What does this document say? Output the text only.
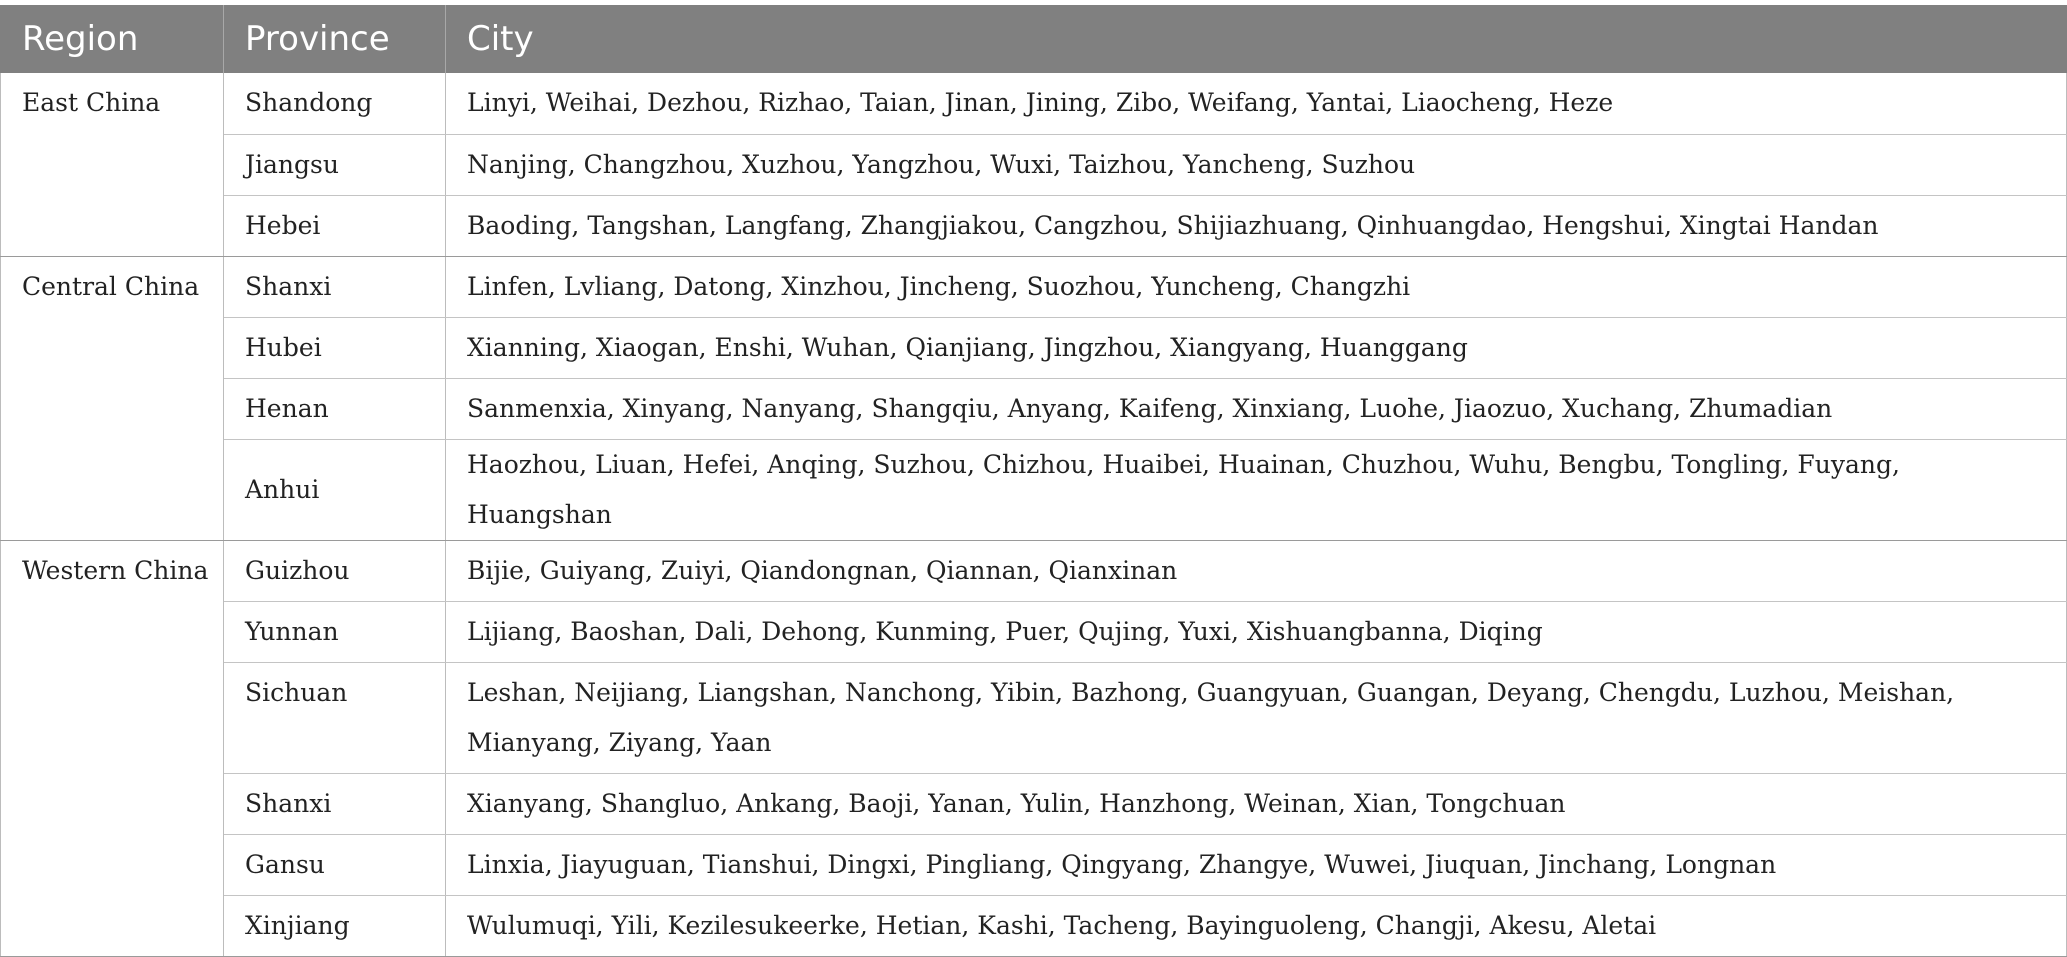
Region	Province	City
East China	Shandong	Linyi, Weihai, Dezhou, Rizhao, Taian, Jinan, Jining, Zibo, Weifang, Yantai, Liaocheng, Heze
	Jiangsu	Nanjing, Changzhou, Xuzhou, Yangzhou, Wuxi, Taizhou, Yancheng, Suzhou
	Hebei	Baoding, Tangshan, Langfang, Zhangjiakou, Cangzhou, Shijiazhuang, Qinhuangdao, Hengshui, Xingtai Handan
Central China	Shanxi	Linfen, Lvliang, Datong, Xinzhou, Jincheng, Suozhou, Yuncheng, Changzhi
	Hubei	Xianning, Xiaogan, Enshi, Wuhan, Qianjiang, Jingzhou, Xiangyang, Huanggang
	Henan	Sanmenxia, Xinyang, Nanyang, Shangqiu, Anyang, Kaifeng, Xinxiang, Luohe, Jiaozuo, Xuchang, Zhumadian
	Anhui	Haozhou, Liuan, Hefei, Anqing, Suzhou, Chizhou, Huaibei, Huainan, Chuzhou, Wuhu, Bengbu, Tongling, Fuyang, Huangshan
Western China	Guizhou	Bijie, Guiyang, Zuiyi, Qiandongnan, Qiannan, Qianxinan
	Yunnan	Lijiang, Baoshan, Dali, Dehong, Kunming, Puer, Qujing, Yuxi, Xishuangbanna, Diqing
	Sichuan	Leshan, Neijiang, Liangshan, Nanchong, Yibin, Bazhong, Guangyuan, Guangan, Deyang, Chengdu, Luzhou, Meishan, Mianyang, Ziyang, Yaan
	Shanxi	Xianyang, Shangluo, Ankang, Baoji, Yanan, Yulin, Hanzhong, Weinan, Xian, Tongchuan
	Gansu	Linxia, Jiayuguan, Tianshui, Dingxi, Pingliang, Qingyang, Zhangye, Wuwei, Jiuquan, Jinchang, Longnan
	Xinjiang	Wulumuqi, Yili, Kezilesukeerke, Hetian, Kashi, Tacheng, Bayinguoleng, Changji, Akesu, Aletai
